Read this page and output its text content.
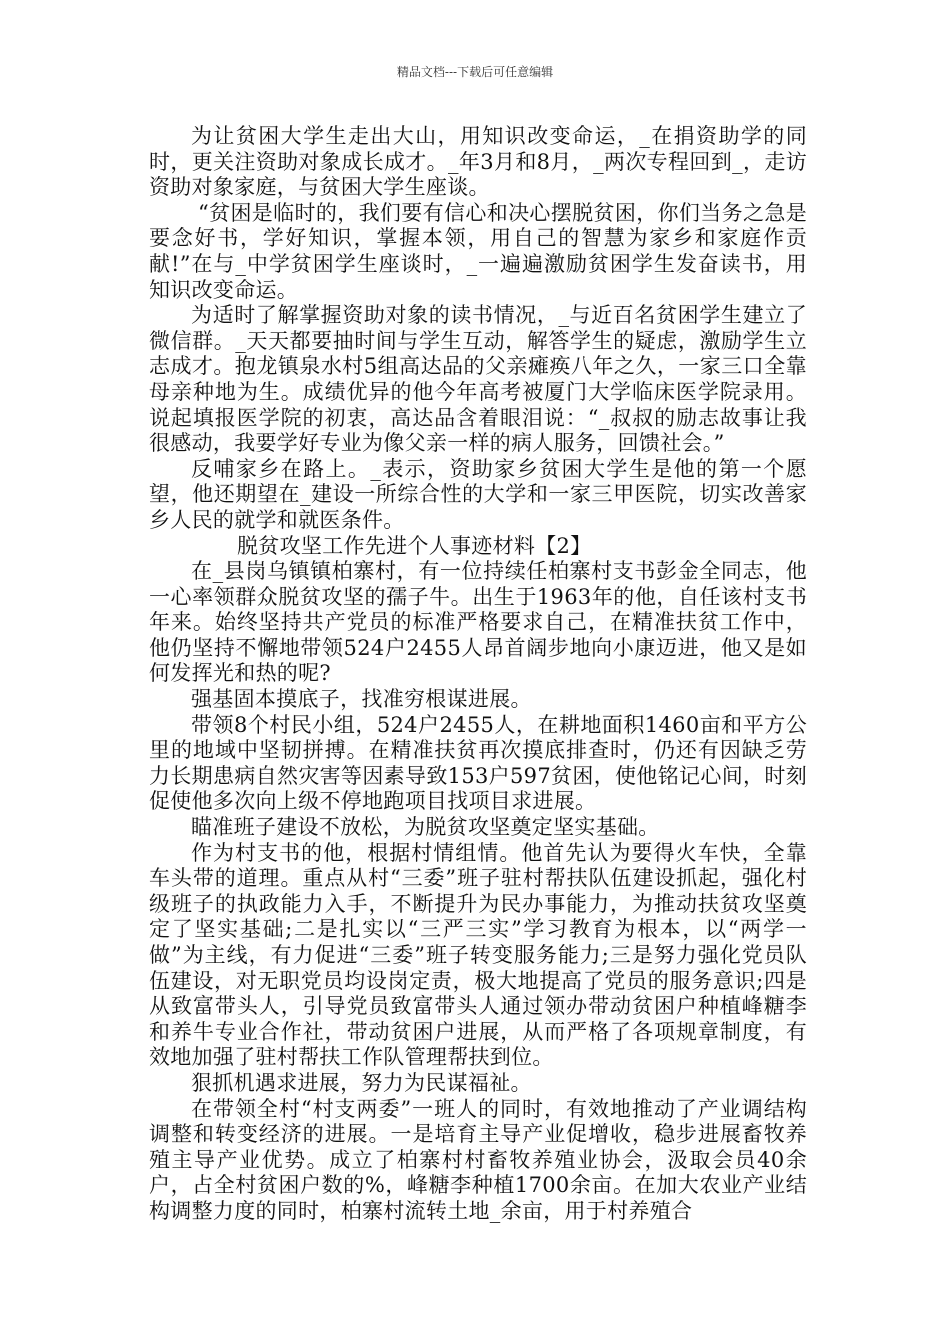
精品文档---下载后可任意编辑

为让贫困大学生走出大山，用知识改变命运，_在捐资助学的同时，更关注资助对象成长成才。_年3月和8月，_两次专程回到_，走访资助对象家庭，与贫困大学生座谈。

“贫困是临时的，我们要有信心和决心摆脱贫困，你们当务之急是要念好书，学好知识，掌握本领，用自己的智慧为家乡和家庭作贡献!”在与_中学贫困学生座谈时，_一遍遍激励贫困学生发奋读书，用知识改变命运。

为适时了解掌握资助对象的读书情况，_与近百名贫困学生建立了微信群。_天天都要抽时间与学生互动，解答学生的疑虑，激励学生立志成才。抱龙镇泉水村5组高达品的父亲瘫痪八年之久，一家三口全靠母亲种地为生。成绩优异的他今年高考被厦门大学临床医学院录用。说起填报医学院的初衷，高达品含着眼泪说：“_叔叔的励志故事让我很感动，我要学好专业为像父亲一样的病人服务，回馈社会。”

反哺家乡在路上。_表示，资助家乡贫困大学生是他的第一个愿望，他还期望在_建设一所综合性的大学和一家三甲医院，切实改善家乡人民的就学和就医条件。

脱贫攻坚工作先进个人事迹材料【2】

在_县岗乌镇镇柏寨村，有一位持续任柏寨村支书彭金全同志，他一心率领群众脱贫攻坚的孺子牛。出生于1963年的他，自任该村支书年来。始终坚持共产党员的标准严格要求自己，在精准扶贫工作中，他仍坚持不懈地带领524户2455人昂首阔步地向小康迈进，他又是如何发挥光和热的呢?

强基固本摸底子，找准穷根谋进展。

带领8个村民小组，524户2455人，在耕地面积1460亩和平方公里的地域中坚韧拼搏。在精准扶贫再次摸底排查时，仍还有因缺乏劳力长期患病自然灾害等因素导致153户597贫困，使他铭记心间，时刻促使他多次向上级不停地跑项目找项目求进展。

瞄准班子建设不放松，为脱贫攻坚奠定坚实基础。

作为村支书的他，根据村情组情。他首先认为要得火车快，全靠车头带的道理。重点从村“三委”班子驻村帮扶队伍建设抓起，强化村级班子的执政能力入手，不断提升为民办事能力，为推动扶贫攻坚奠定了坚实基础;二是扎实以“三严三实”学习教育为根本，以“两学一做”为主线，有力促进“三委”班子转变服务能力;三是努力强化党员队伍建设，对无职党员均设岗定责，极大地提高了党员的服务意识;四是从致富带头人，引导党员致富带头人通过领办带动贫困户种植峰糖李和养牛专业合作社，带动贫困户进展，从而严格了各项规章制度，有效地加强了驻村帮扶工作队管理帮扶到位。

狠抓机遇求进展，努力为民谋福祉。

在带领全村“村支两委”一班人的同时，有效地推动了产业调结构调整和转变经济的进展。一是培育主导产业促增收，稳步进展畜牧养殖主导产业优势。成立了柏寨村村畜牧养殖业协会，汲取会员40余户，占全村贫困户数的%，峰糖李种植1700余亩。在加大农业产业结构调整力度的同时，柏寨村流转土地_余亩，用于村养殖合
